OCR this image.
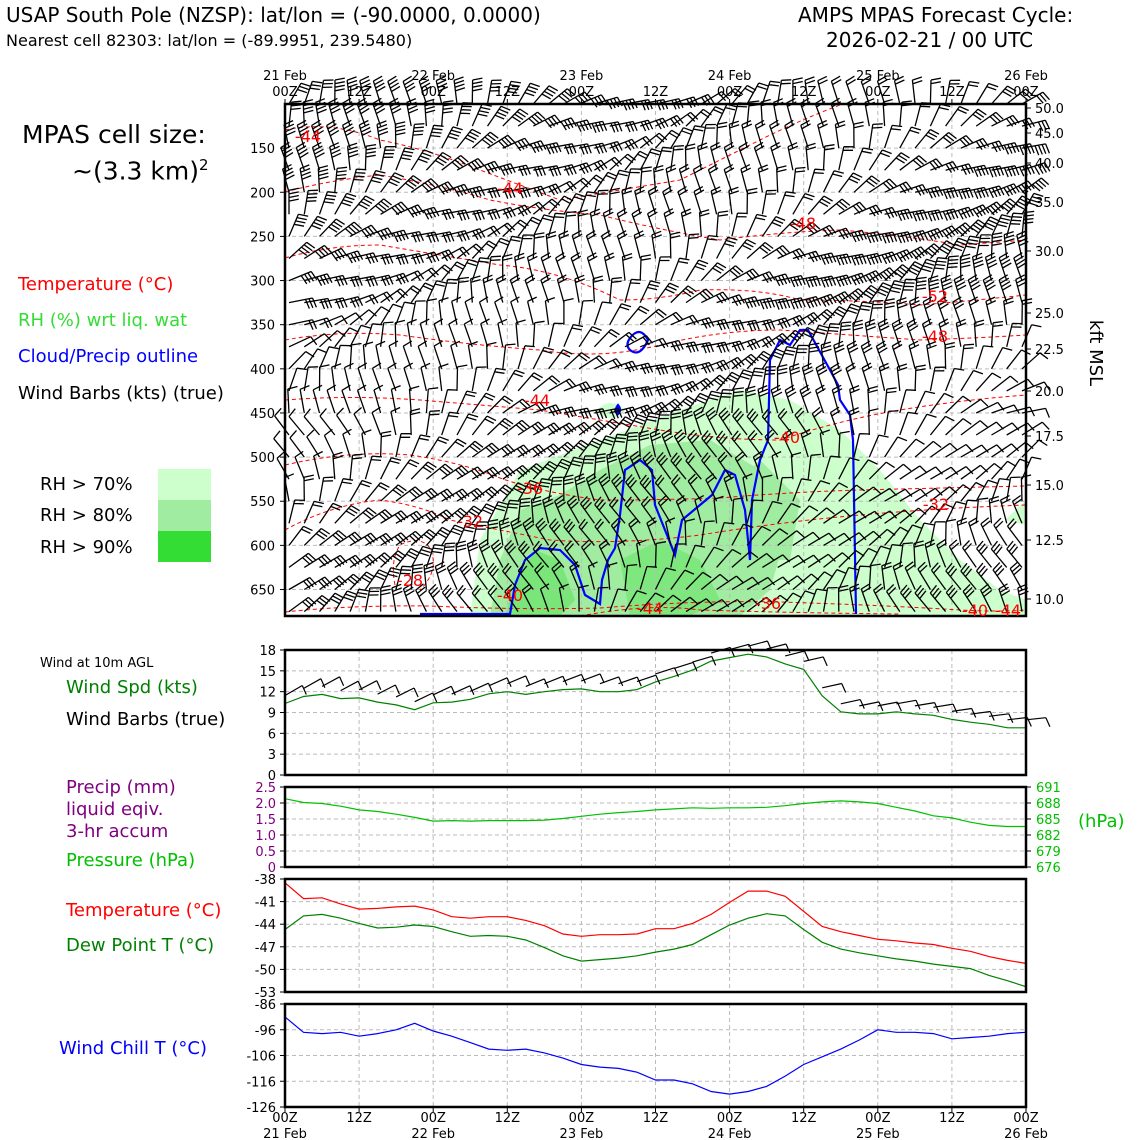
USAP South Pole (NZSP): lat/lon = (-90.0000, 0.0000)
Nearest cell 82303: lat/lon = (-89.9951, 239.5480)
AMPS MPAS Forecast Cycle:
2026-02-21 / 00 UTC
MPAS cell size:
~(3.3 km)$^2$
Temperature (°C)
RH (%) wrt liq. wat
Cloud/Precip outline
Wind Barbs (kts) (true)
RH > 70%
RH > 80%
RH > 90%
Wind at 10m AGL
Wind Spd (kts)
Wind Barbs (true)
Precip (mm)
liquid eqiv.
3-hr accum
Pressure (hPa)
Temperature (°C)
Dew Point T (°C)
Wind Chill T (°C)
-44
-44
-48
-52
-48
-44
-40
-36
-32
-32
-28
-40
-44	-36	-40 -44
150
200
250
300
350
400
450
500
550
600
650
50.0
45.0
40.0
35.0
30.0
25.0
22.5
20.0
17.5
15.0
12.5
10.0
kft MSL
21 Feb
00Z	12Z
22 Feb
00Z	12Z
23 Feb
00Z	12Z
24 Feb
00Z	12Z
25 Feb
00Z	12Z
26 Feb
00Z
0
3
6
9
12
15
18
0
0.5
1.0
1.5
2.0
2.5
676
679
682
685
688
691
(hPa)
-53
-50
-47
-44
-41
-38
-126
-116
-106
-96
-86
00Z
21 Feb
12Z	00Z
22 Feb
12Z	00Z
23 Feb
12Z	00Z
24 Feb
12Z	00Z
25 Feb
12Z	00Z
26 Feb
